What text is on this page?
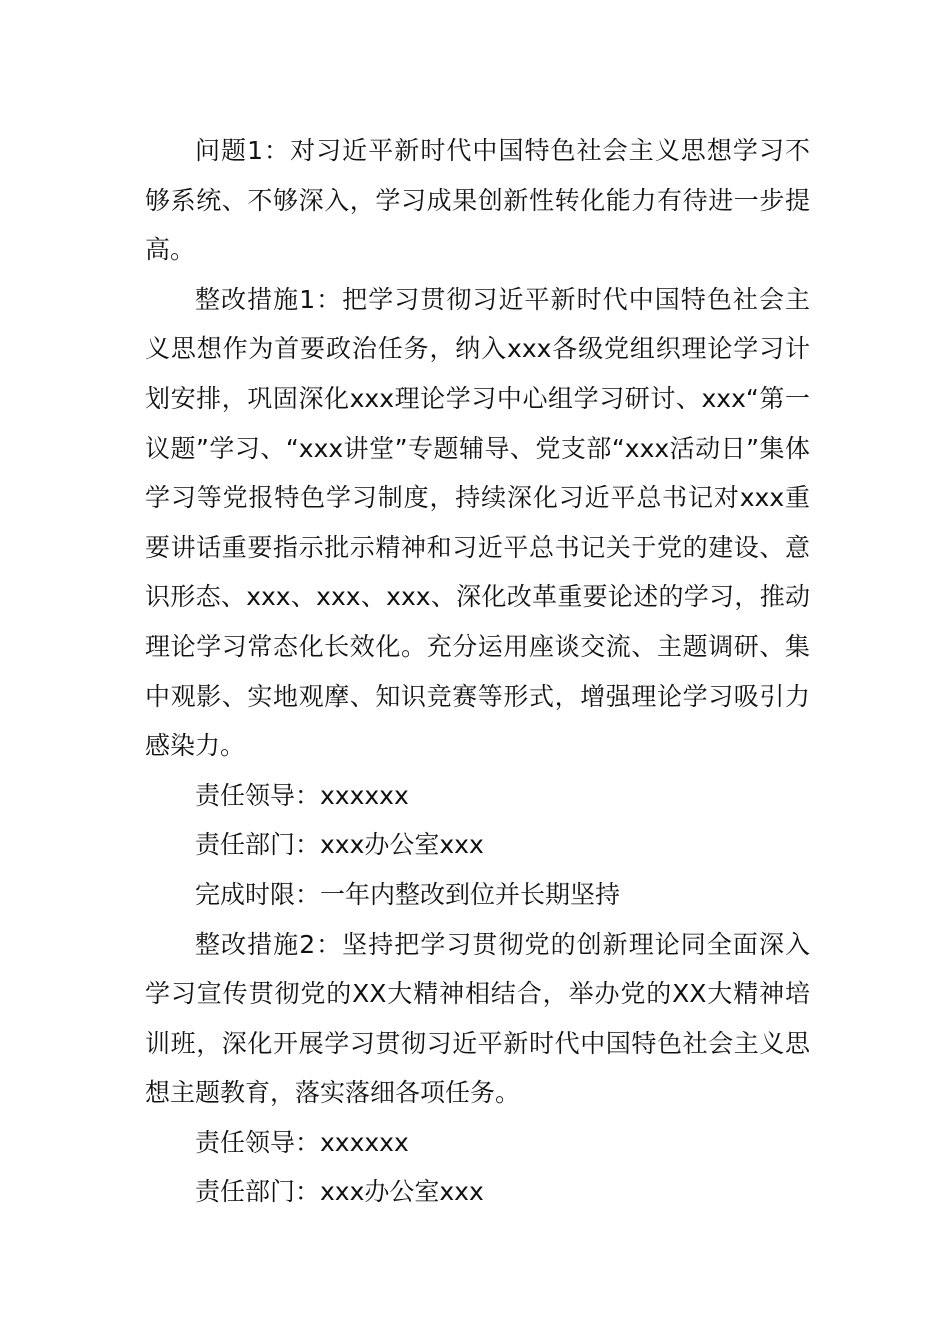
问题1：对习近平新时代中国特色社会主义思想学习不够系统、不够深入，学习成果创新性转化能力有待进一步提高。

整改措施1：把学习贯彻习近平新时代中国特色社会主义思想作为首要政治任务，纳入xxx各级党组织理论学习计划安排，巩固深化xxx理论学习中心组学习研讨、xxx“第一议题”学习、“xxx讲堂”专题辅导、党支部“xxx活动日”集体学习等党报特色学习制度，持续深化习近平总书记对xxx重要讲话重要指示批示精神和习近平总书记关于党的建设、意识形态、xxx、xxx、xxx、深化改革重要论述的学习，推动理论学习常态化长效化。充分运用座谈交流、主题调研、集中观影、实地观摩、知识竞赛等形式，增强理论学习吸引力感染力。

责任领导：xxxxxx

责任部门：xxx办公室xxx

完成时限：一年内整改到位并长期坚持

整改措施2：坚持把学习贯彻党的创新理论同全面深入学习宣传贯彻党的XX大精神相结合，举办党的XX大精神培训班，深化开展学习贯彻习近平新时代中国特色社会主义思想主题教育，落实落细各项任务。

责任领导：xxxxxx

责任部门：xxx办公室xxx
